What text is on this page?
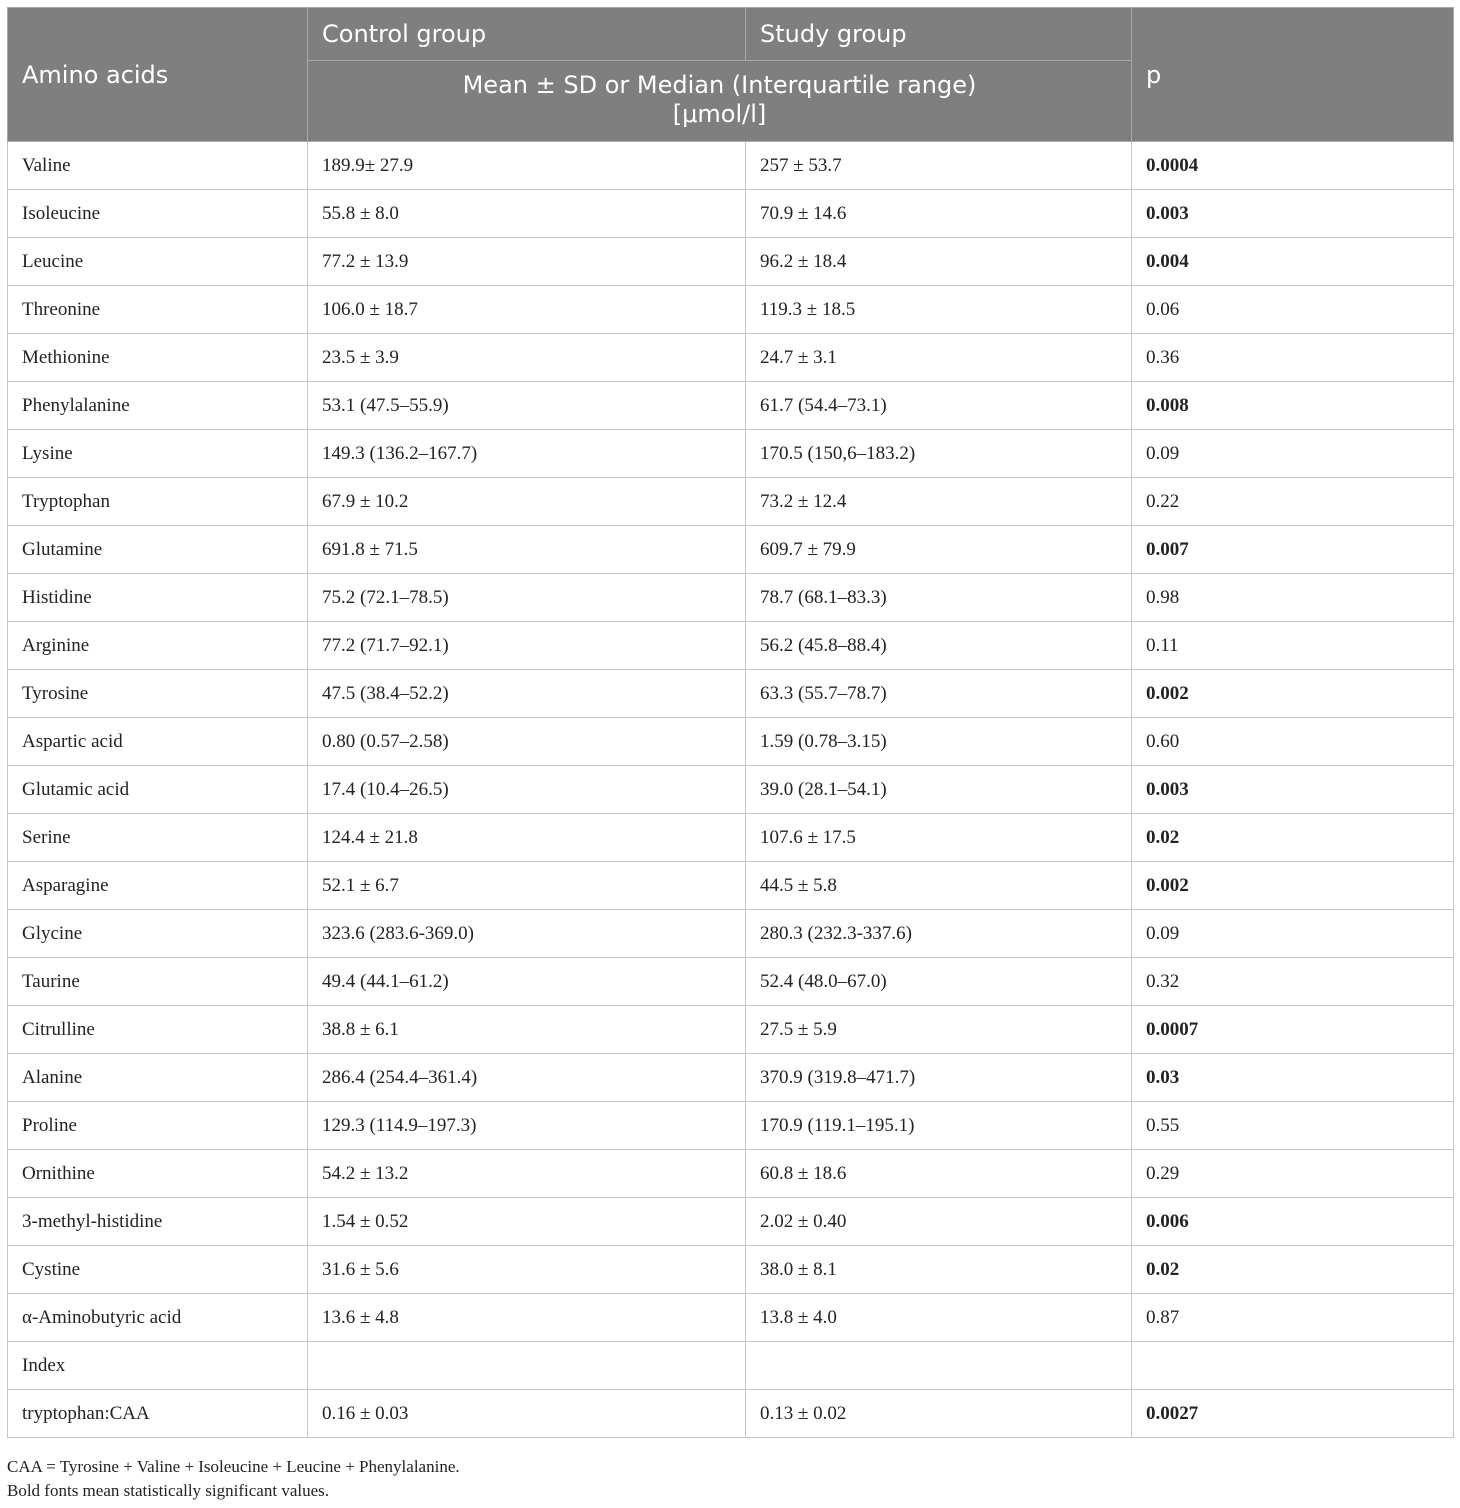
Amino acids	Control group	Study group	p
	Mean ± SD or Median (Interquartile range)
[μmol/l]		
Valine	189.9± 27.9	257 ± 53.7	0.0004
Isoleucine	55.8 ± 8.0	70.9 ± 14.6	0.003
Leucine	77.2 ± 13.9	96.2 ± 18.4	0.004
Threonine	106.0 ± 18.7	119.3 ± 18.5	0.06
Methionine	23.5 ± 3.9	24.7 ± 3.1	0.36
Phenylalanine	53.1 (47.5–55.9)	61.7 (54.4–73.1)	0.008
Lysine	149.3 (136.2–167.7)	170.5 (150,6–183.2)	0.09
Tryptophan	67.9 ± 10.2	73.2 ± 12.4	0.22
Glutamine	691.8 ± 71.5	609.7 ± 79.9	0.007
Histidine	75.2 (72.1–78.5)	78.7 (68.1–83.3)	0.98
Arginine	77.2 (71.7–92.1)	56.2 (45.8–88.4)	0.11
Tyrosine	47.5 (38.4–52.2)	63.3 (55.7–78.7)	0.002
Aspartic acid	0.80 (0.57–2.58)	1.59 (0.78–3.15)	0.60
Glutamic acid	17.4 (10.4–26.5)	39.0 (28.1–54.1)	0.003
Serine	124.4 ± 21.8	107.6 ± 17.5	0.02
Asparagine	52.1 ± 6.7	44.5 ± 5.8	0.002
Glycine	323.6 (283.6-369.0)	280.3 (232.3-337.6)	0.09
Taurine	49.4 (44.1–61.2)	52.4 (48.0–67.0)	0.32
Citrulline	38.8 ± 6.1	27.5 ± 5.9	0.0007
Alanine	286.4 (254.4–361.4)	370.9 (319.8–471.7)	0.03
Proline	129.3 (114.9–197.3)	170.9 (119.1–195.1)	0.55
Ornithine	54.2 ± 13.2	60.8 ± 18.6	0.29
3-methyl-histidine	1.54 ± 0.52	2.02 ± 0.40	0.006
Cystine	31.6 ± 5.6	38.0 ± 8.1	0.02
α-Aminobutyric acid	13.6 ± 4.8	13.8 ± 4.0	0.87
Index			
tryptophan:CAA	0.16 ± 0.03	0.13 ± 0.02	0.0027
CAA = Tyrosine + Valine + Isoleucine + Leucine + Phenylalanine.
Bold fonts mean statistically significant values.
